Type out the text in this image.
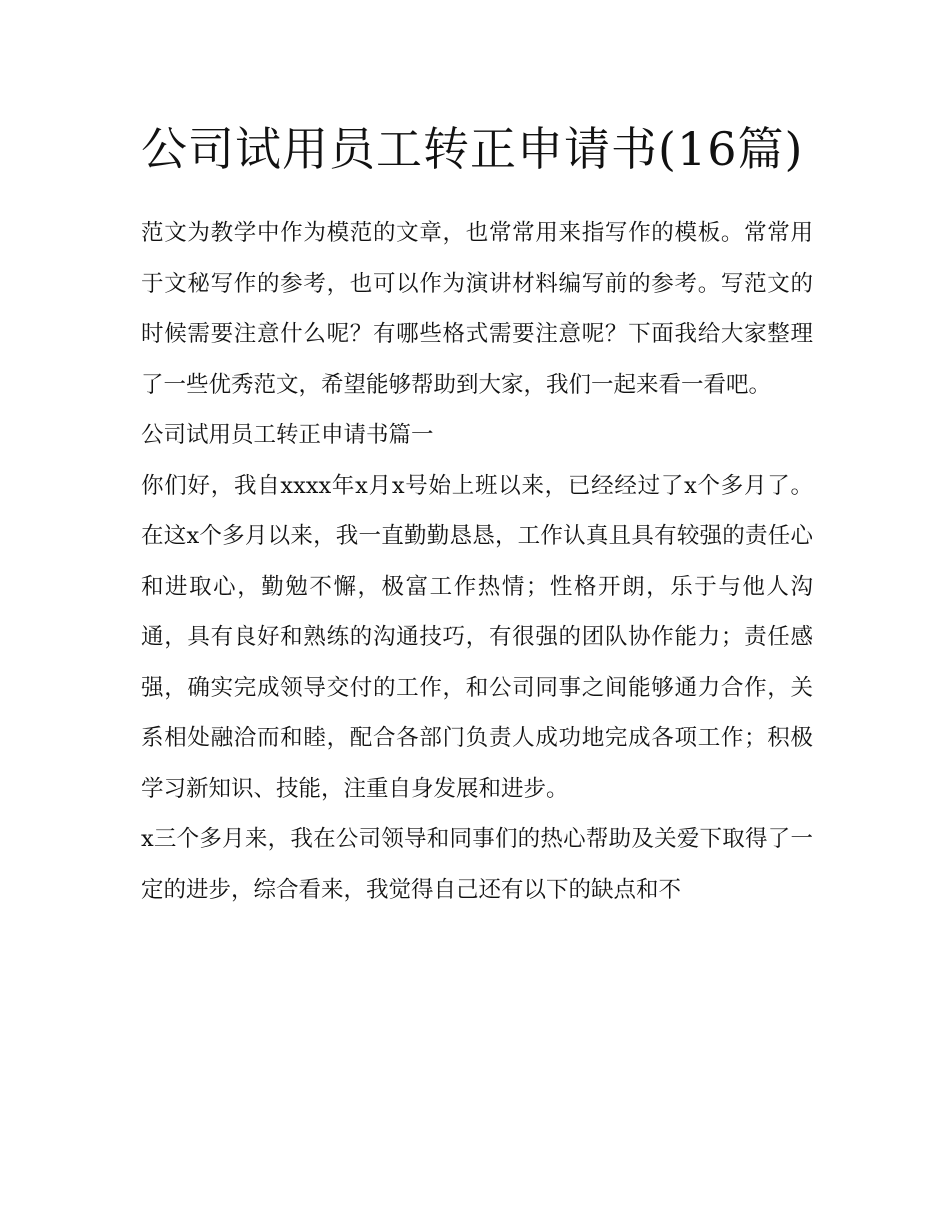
公司试用员工转正申请书(16篇)

范文为教学中作为模范的文章，也常常用来指写作的模板。常常用于文秘写作的参考，也可以作为演讲材料编写前的参考。写范文的时候需要注意什么呢？有哪些格式需要注意呢？下面我给大家整理了一些优秀范文，希望能够帮助到大家，我们一起来看一看吧。

公司试用员工转正申请书篇一

你们好，我自xxxx年x月x号始上班以来，已经经过了x个多月了。在这x个多月以来，我一直勤勤恳恳，工作认真且具有较强的责任心和进取心，勤勉不懈，极富工作热情；性格开朗，乐于与他人沟通，具有良好和熟练的沟通技巧，有很强的团队协作能力；责任感强，确实完成领导交付的工作，和公司同事之间能够通力合作，关系相处融洽而和睦，配合各部门负责人成功地完成各项工作；积极学习新知识、技能，注重自身发展和进步。

x三个多月来，我在公司领导和同事们的热心帮助及关爱下取得了一定的进步，综合看来，我觉得自己还有以下的缺点和不
